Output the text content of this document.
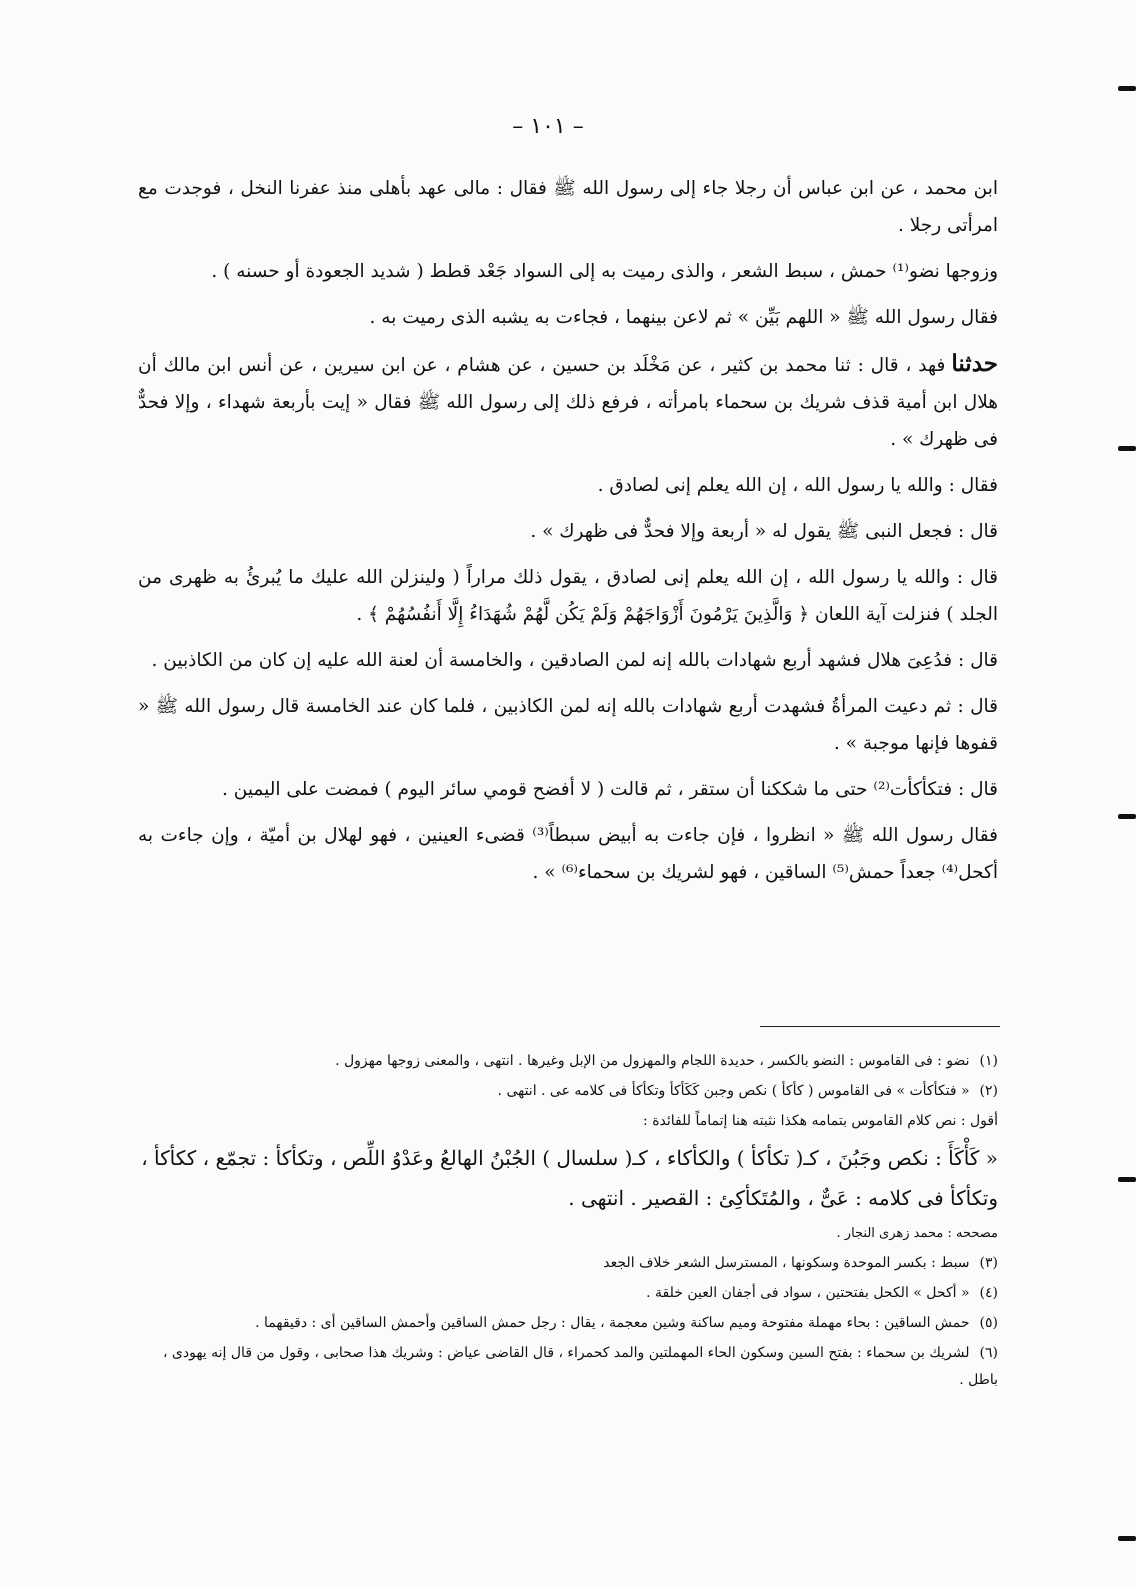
– ١٠١ –

ابن محمد ، عن ابن عباس أن رجلا جاء إلى رسول الله ﷺ فقال : مالى عهد بأهلى منذ عفرنا النخل ، فوجدت مع امرأتى رجلا .

وزوجها نضو⁽¹⁾ حمش ، سبط الشعر ، والذى رميت به إلى السواد جَعْد قطط ( شديد الجعودة أو حسنه ) .

فقال رسول الله ﷺ « اللهم بَيِّن » ثم لاعن بينهما ، فجاءت به يشبه الذى رميت به .

حدثنافهد ، قال : ثنا محمد بن كثير ، عن مَخْلَد بن حسين ، عن هشام ، عن ابن سيرين ، عن أنس ابن مالك أن هلال ابن أمية قذف شريك بن سحماء بامرأته ، فرفع ذلك إلى رسول الله ﷺ فقال « إيت بأربعة شهداء ، وإلا فحدٌّ فى ظهرك » .

فقال : والله يا رسول الله ، إن الله يعلم إنى لصادق .

قال : فجعل النبى ﷺ يقول له « أربعة وإلا فحدٌّ فى ظهرك » .

قال : والله يا رسول الله ، إن الله يعلم إنى لصادق ، يقول ذلك مراراً ( ولينزلن الله عليك ما يُبرئُ به ظهرى من الجلد ) فنزلت آية اللعان ﴿ وَالَّذِينَ يَرْمُونَ أَزْوَاجَهُمْ وَلَمْ يَكُن لَّهُمْ شُهَدَاءُ إِلَّا أَنفُسُهُمْ ﴾ .

قال : فدُعِىَ هلال فشهد أربع شهادات بالله إنه لمن الصادقين ، والخامسة أن لعنة الله عليه إن كان من الكاذبين .

قال : ثم دعيت المرأةُ فشهدت أربع شهادات بالله إنه لمن الكاذبين ، فلما كان عند الخامسة قال رسول الله ﷺ « قفوها فإنها موجبة » .

قال : فتكأكأت⁽²⁾ حتى ما شككنا أن ستقر ، ثم قالت ( لا أفضح قومي سائر اليوم ) فمضت على اليمين .

فقال رسول الله ﷺ « انظروا ، فإن جاءت به أبيض سبطاً⁽³⁾ قضىء العينين ، فهو لهلال بن أميّة ، وإن جاءت به أكحل⁽⁴⁾ جعداً حمش⁽⁵⁾ الساقين ، فهو لشريك بن سحماء⁽⁶⁾ » .

(١)نضو : فى القاموس : النضو بالكسر ، حديدة اللجام والمهزول من الإبل وغيرها . انتهى ، والمعنى زوجها مهزول .

(٢)« فتكأكأت » فى القاموس ( كأكأ ) نكص وجبن كَكَأكأ وتكأكأ فى كلامه عى . انتهى .

أقول : نص كلام القاموس بتمامه هكذا نثبته هنا إتماماً للفائدة :

« كَأْكَأَ : نكص وجَبُنَ ، كـ( تكأكأ ) والكأكاء ، كـ( سلسال ) الجُبْنُ الهالعُ وعَدْوُ اللِّص ، وتكأكأ : تجمّع ، ككأكأ ، وتكأكأ فى كلامه : عَىٌّ ، والمُتَكأكِئ : القصير . انتهى .

مصححه : محمد زهرى النجار .

(٣)سبط : بكسر الموحدة وسكونها ، المسترسل الشعر خلاف الجعد

(٤)« أكحل » الكحل بفتحتين ، سواد فى أجفان العين خلقة .

(٥)حمش الساقين : بحاء مهملة مفتوحة وميم ساكنة وشين معجمة ، يقال : رجل حمش الساقين وأحمش الساقين أى : دقيقهما .

(٦)لشريك بن سحماء : بفتح السين وسكون الحاء المهملتين والمد كحمراء ، قال القاضى عياض : وشريك هذا صحابى ، وقول من قال إنه يهودى ، باطل .
